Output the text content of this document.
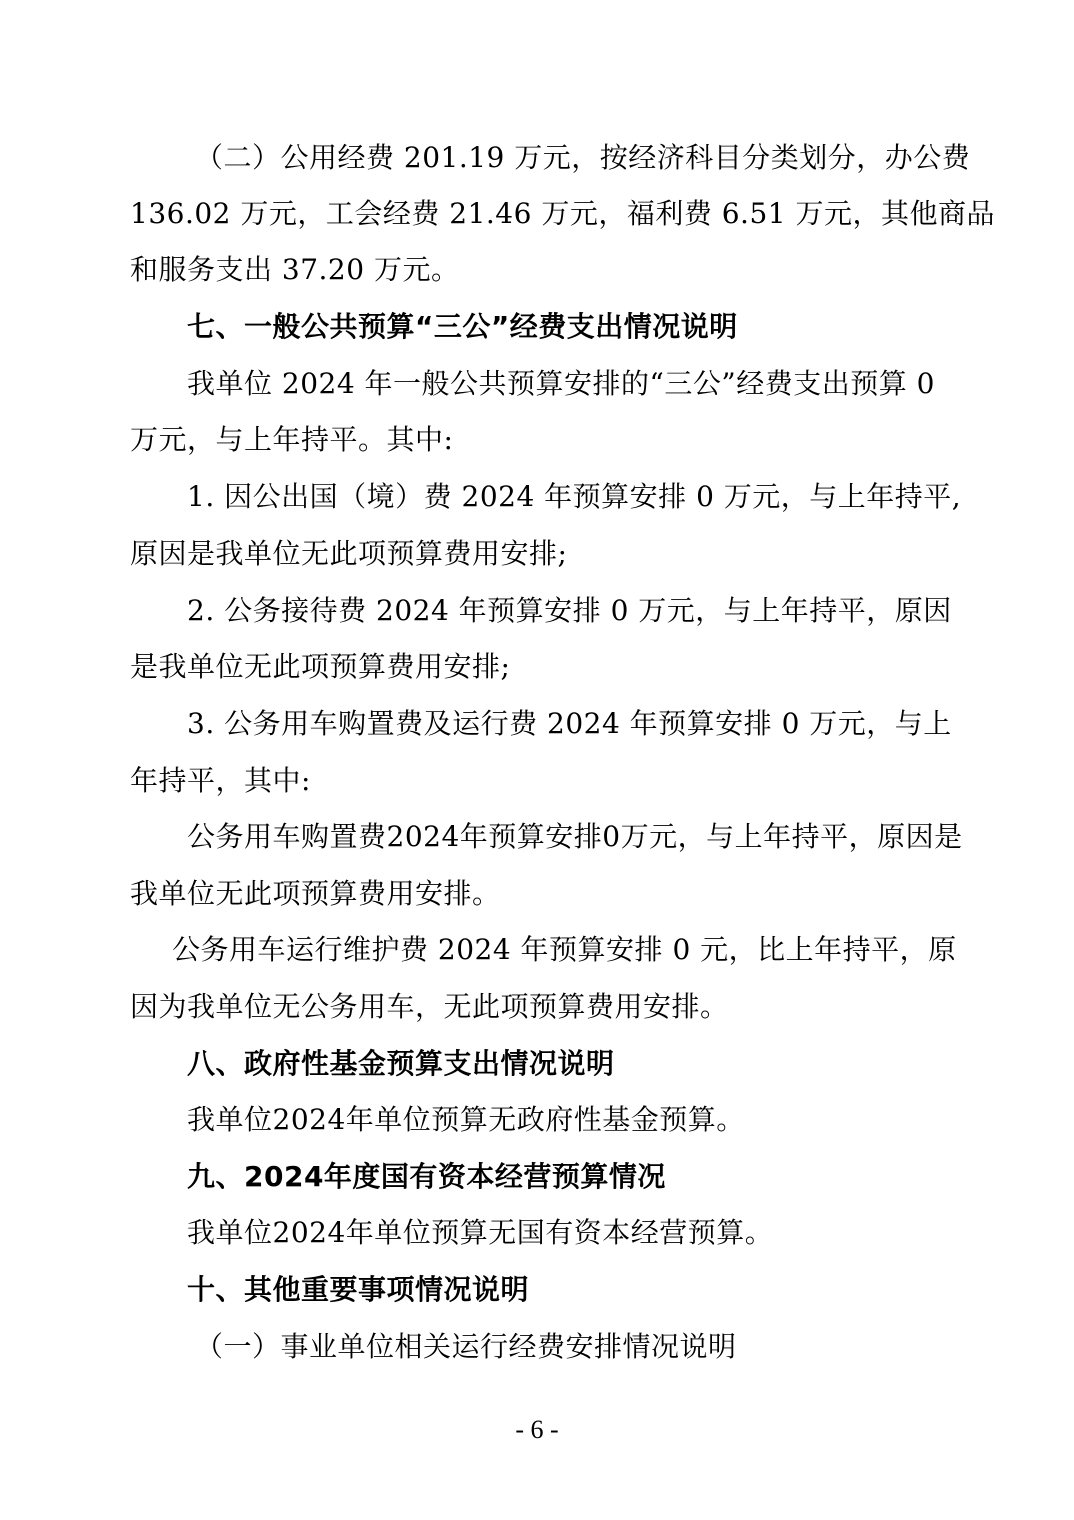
（二）公用经费 201.19 万元，按经济科目分类划分，办公费
136.02 万元，工会经费 21.46 万元，福利费 6.51 万元，其他商品
和服务支出 37.20 万元。
七、一般公共预算“三公”经费支出情况说明
我单位 2024 年一般公共预算安排的“三公”经费支出预算 0
万元，与上年持平。其中:
1. 因公出国（境）费 2024 年预算安排 0 万元，与上年持平,
原因是我单位无此项预算费用安排;
2. 公务接待费 2024 年预算安排 0 万元，与上年持平，原因
是我单位无此项预算费用安排;
3. 公务用车购置费及运行费 2024 年预算安排 0 万元，与上
年持平，其中:
公务用车购置费2024年预算安排0万元，与上年持平，原因是
我单位无此项预算费用安排。
公务用车运行维护费 2024 年预算安排 0 元，比上年持平，原
因为我单位无公务用车，无此项预算费用安排。
八、政府性基金预算支出情况说明
我单位2024年单位预算无政府性基金预算。
九、2024年度国有资本经营预算情况
我单位2024年单位预算无国有资本经营预算。
十、其他重要事项情况说明
（一）事业单位相关运行经费安排情况说明
- 6 -
